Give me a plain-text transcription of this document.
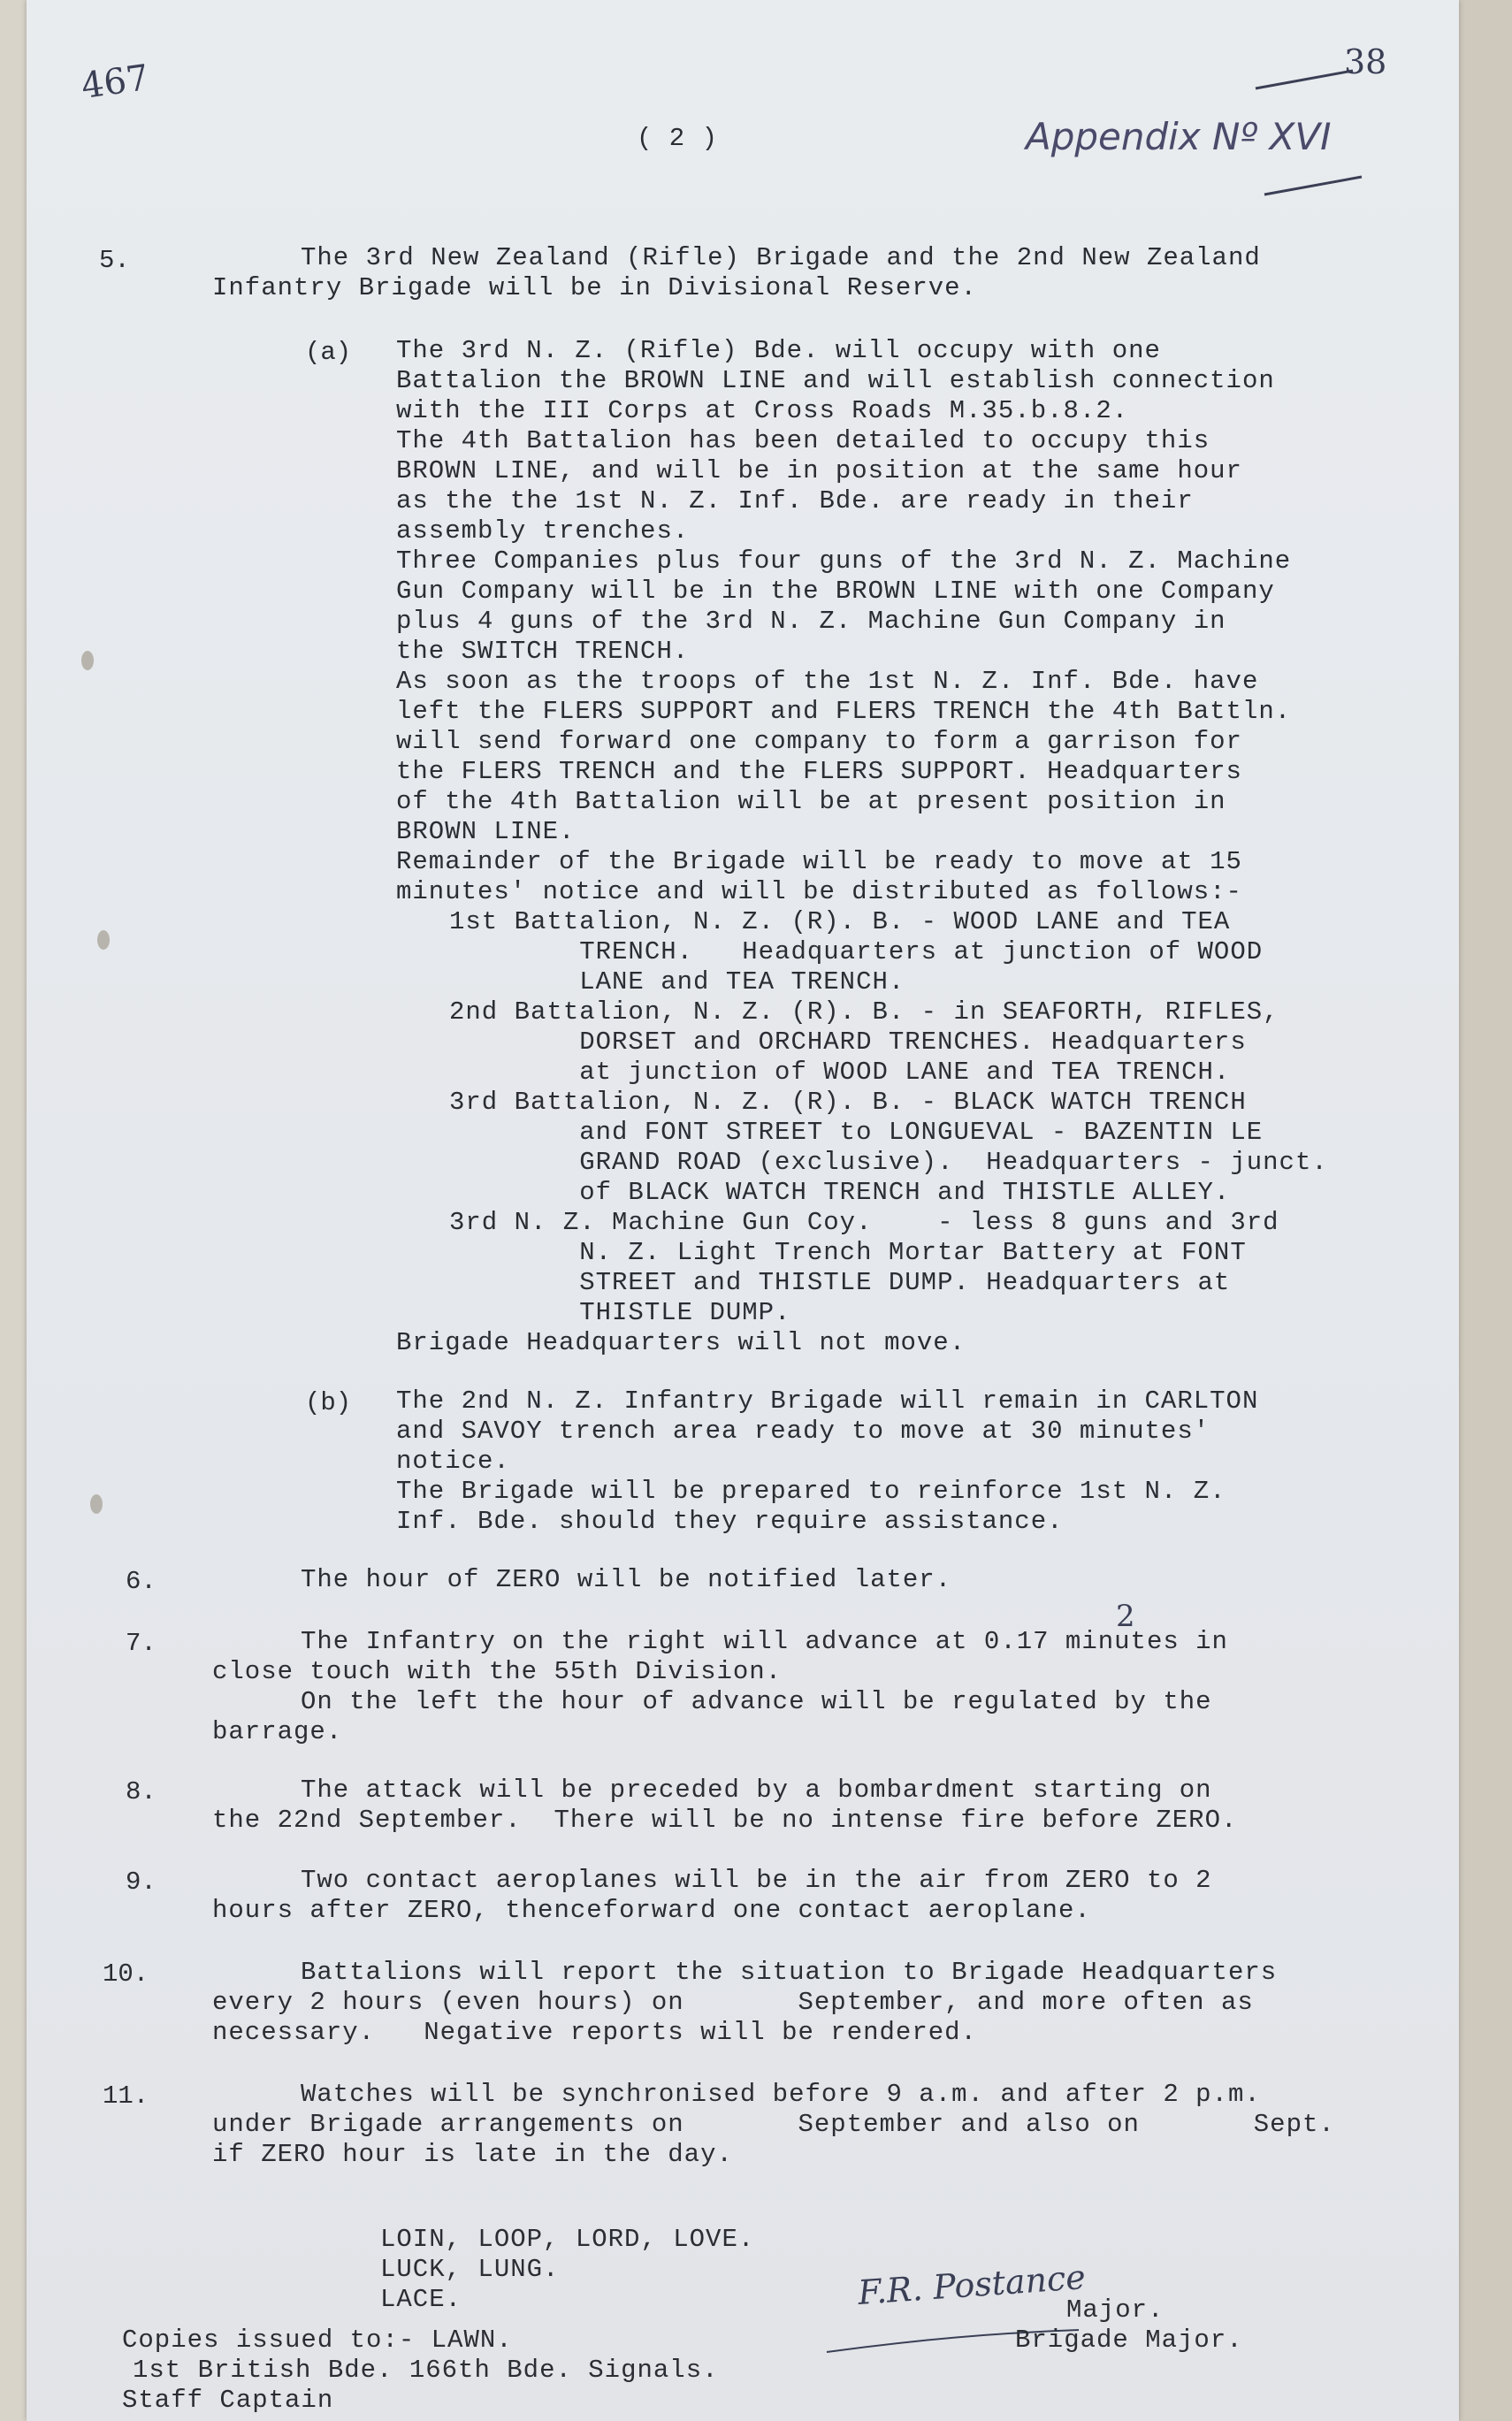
467	38
( 2 )	Appendix Nº XVI
5.	The 3rd New Zealand (Rifle) Brigade and the 2nd New Zealand
Infantry Brigade will be in Divisional Reserve.
(a) The 3rd N. Z. (Rifle) Bde. will occupy with one
Battalion the BROWN LINE and will establish connection
with the III Corps at Cross Roads M.35.b.8.2.
The 4th Battalion has been detailed to occupy this
BROWN LINE, and will be in position at the same hour
as the the 1st N. Z. Inf. Bde. are ready in their
assembly trenches.
Three Companies plus four guns of the 3rd N. Z. Machine
Gun Company will be in the BROWN LINE with one Company
plus 4 guns of the 3rd N. Z. Machine Gun Company in
the SWITCH TRENCH.
As soon as the troops of the 1st N. Z. Inf. Bde. have
left the FLERS SUPPORT and FLERS TRENCH the 4th Battln.
will send forward one company to form a garrison for
the FLERS TRENCH and the FLERS SUPPORT. Headquarters
of the 4th Battalion will be at present position in
BROWN LINE.
Remainder of the Brigade will be ready to move at 15
minutes' notice and will be distributed as follows:-
1st Battalion, N. Z. (R). B. - WOOD LANE and TEA
TRENCH.   Headquarters at junction of WOOD
LANE and TEA TRENCH.
2nd Battalion, N. Z. (R). B. - in SEAFORTH, RIFLES,
DORSET and ORCHARD TRENCHES. Headquarters
at junction of WOOD LANE and TEA TRENCH.
3rd Battalion, N. Z. (R). B. - BLACK WATCH TRENCH
and FONT STREET to LONGUEVAL - BAZENTIN LE
GRAND ROAD (exclusive).  Headquarters - junct.
of BLACK WATCH TRENCH and THISTLE ALLEY.
3rd N. Z. Machine Gun Coy.    - less 8 guns and 3rd
N. Z. Light Trench Mortar Battery at FONT
STREET and THISTLE DUMP. Headquarters at
THISTLE DUMP.
Brigade Headquarters will not move.
(b) The 2nd N. Z. Infantry Brigade will remain in CARLTON
and SAVOY trench area ready to move at 30 minutes'
notice.
The Brigade will be prepared to reinforce 1st N. Z.
Inf. Bde. should they require assistance.
6.	The hour of ZERO will be notified later.
2
7.	The Infantry on the right will advance at 0.17 minutes in
close touch with the 55th Division.
On the left the hour of advance will be regulated by the
barrage.
8.	The attack will be preceded by a bombardment starting on
the 22nd September.  There will be no intense fire before ZERO.
9.	Two contact aeroplanes will be in the air from ZERO to 2
hours after ZERO, thenceforward one contact aeroplane.
10.	Battalions will report the situation to Brigade Headquarters
every 2 hours (even hours) on       September, and more often as
necessary.   Negative reports will be rendered.
11.	Watches will be synchronised before 9 a.m. and after 2 p.m.
under Brigade arrangements on       September and also on       Sept.
if ZERO hour is late in the day.
LOIN, LOOP, LORD, LOVE.
LUCK, LUNG.
LACE.	F.R. Postance
Major.
Brigade Major.
Copies issued to:- LAWN.
1st British Bde. 166th Bde. Signals.
Staff Captain
